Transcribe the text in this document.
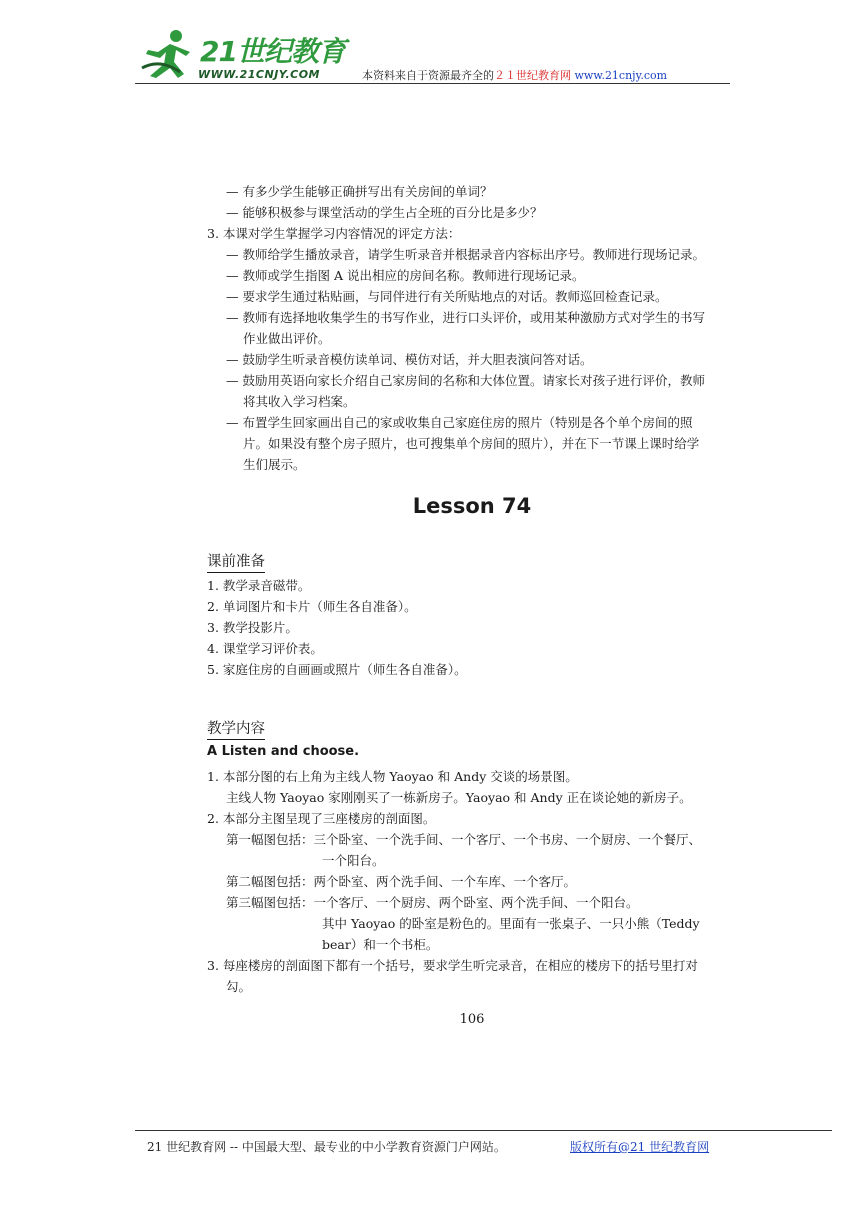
21世纪教育
WWW.21CNJY.COM	本资料来自于资源最齐全的２１世纪教育网 www.21cnjy.com
— 有多少学生能够正确拼写出有关房间的单词？
— 能够积极参与课堂活动的学生占全班的百分比是多少？
3. 本课对学生掌握学习内容情况的评定方法：
— 教师给学生播放录音，请学生听录音并根据录音内容标出序号。教师进行现场记录。
— 教师或学生指图 A 说出相应的房间名称。教师进行现场记录。
— 要求学生通过粘贴画，与同伴进行有关所贴地点的对话。教师巡回检查记录。
— 教师有选择地收集学生的书写作业，进行口头评价，或用某种激励方式对学生的书写
作业做出评价。
— 鼓励学生听录音模仿读单词、模仿对话，并大胆表演问答对话。
— 鼓励用英语向家长介绍自己家房间的名称和大体位置。请家长对孩子进行评价，教师
将其收入学习档案。
— 布置学生回家画出自己的家或收集自己家庭住房的照片（特别是各个单个房间的照
片。如果没有整个房子照片，也可搜集单个房间的照片），并在下一节课上课时给学
生们展示。
Lesson 74
课前准备
1. 教学录音磁带。
2. 单词图片和卡片（师生各自准备）。
3. 教学投影片。
4. 课堂学习评价表。
5. 家庭住房的自画画或照片（师生各自准备）。
教学内容
A Listen and choose.
1. 本部分图的右上角为主线人物 Yaoyao 和 Andy 交谈的场景图。
主线人物 Yaoyao 家刚刚买了一栋新房子。Yaoyao 和 Andy 正在谈论她的新房子。
2. 本部分主图呈现了三座楼房的剖面图。
第一幅图包括：三个卧室、一个洗手间、一个客厅、一个书房、一个厨房、一个餐厅、
一个阳台。
第二幅图包括：两个卧室、两个洗手间、一个车库、一个客厅。
第三幅图包括：一个客厅、一个厨房、两个卧室、两个洗手间、一个阳台。
其中 Yaoyao 的卧室是粉色的。里面有一张桌子、一只小熊（Teddy
bear）和一个书柜。
3. 每座楼房的剖面图下都有一个括号，要求学生听完录音，在相应的楼房下的括号里打对
勾。
106
21 世纪教育网 -- 中国最大型、最专业的中小学教育资源门户网站。	版权所有@21 世纪教育网
